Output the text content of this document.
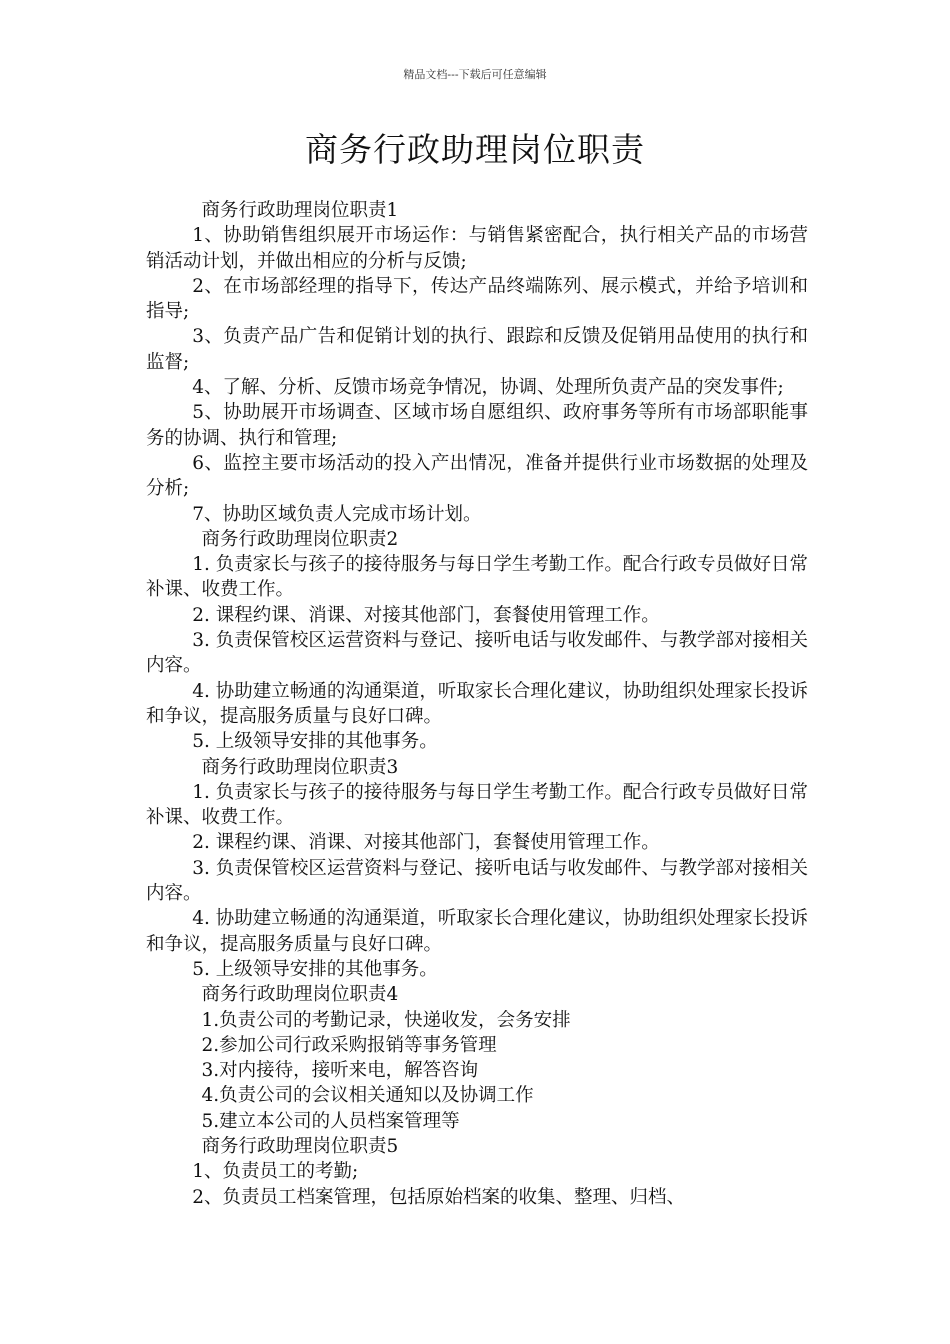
精品文档---下载后可任意编辑
商务行政助理岗位职责

商务行政助理岗位职责1

1、协助销售组织展开市场运作：与销售紧密配合，执行相关产品的市场营销活动计划，并做出相应的分析与反馈;

2、在市场部经理的指导下，传达产品终端陈列、展示模式，并给予培训和指导;

3、负责产品广告和促销计划的执行、跟踪和反馈及促销用品使用的执行和监督;

4、了解、分析、反馈市场竞争情况，协调、处理所负责产品的突发事件;

5、协助展开市场调查、区域市场自愿组织、政府事务等所有市场部职能事务的协调、执行和管理;

6、监控主要市场活动的投入产出情况，准备并提供行业市场数据的处理及分析;

7、协助区域负责人完成市场计划。

商务行政助理岗位职责2

1. 负责家长与孩子的接待服务与每日学生考勤工作。配合行政专员做好日常补课、收费工作。

2. 课程约课、消课、对接其他部门，套餐使用管理工作。

3. 负责保管校区运营资料与登记、接听电话与收发邮件、与教学部对接相关内容。

4. 协助建立畅通的沟通渠道，听取家长合理化建议，协助组织处理家长投诉和争议，提高服务质量与良好口碑。

5. 上级领导安排的其他事务。

商务行政助理岗位职责3

1. 负责家长与孩子的接待服务与每日学生考勤工作。配合行政专员做好日常补课、收费工作。

2. 课程约课、消课、对接其他部门，套餐使用管理工作。

3. 负责保管校区运营资料与登记、接听电话与收发邮件、与教学部对接相关内容。

4. 协助建立畅通的沟通渠道，听取家长合理化建议，协助组织处理家长投诉和争议，提高服务质量与良好口碑。

5. 上级领导安排的其他事务。

商务行政助理岗位职责4

1.负责公司的考勤记录，快递收发，会务安排

2.参加公司行政采购报销等事务管理

3.对内接待，接听来电，解答咨询

4.负责公司的会议相关通知以及协调工作

5.建立本公司的人员档案管理等

商务行政助理岗位职责5

1、负责员工的考勤;

2、负责员工档案管理，包括原始档案的收集、整理、归档、
